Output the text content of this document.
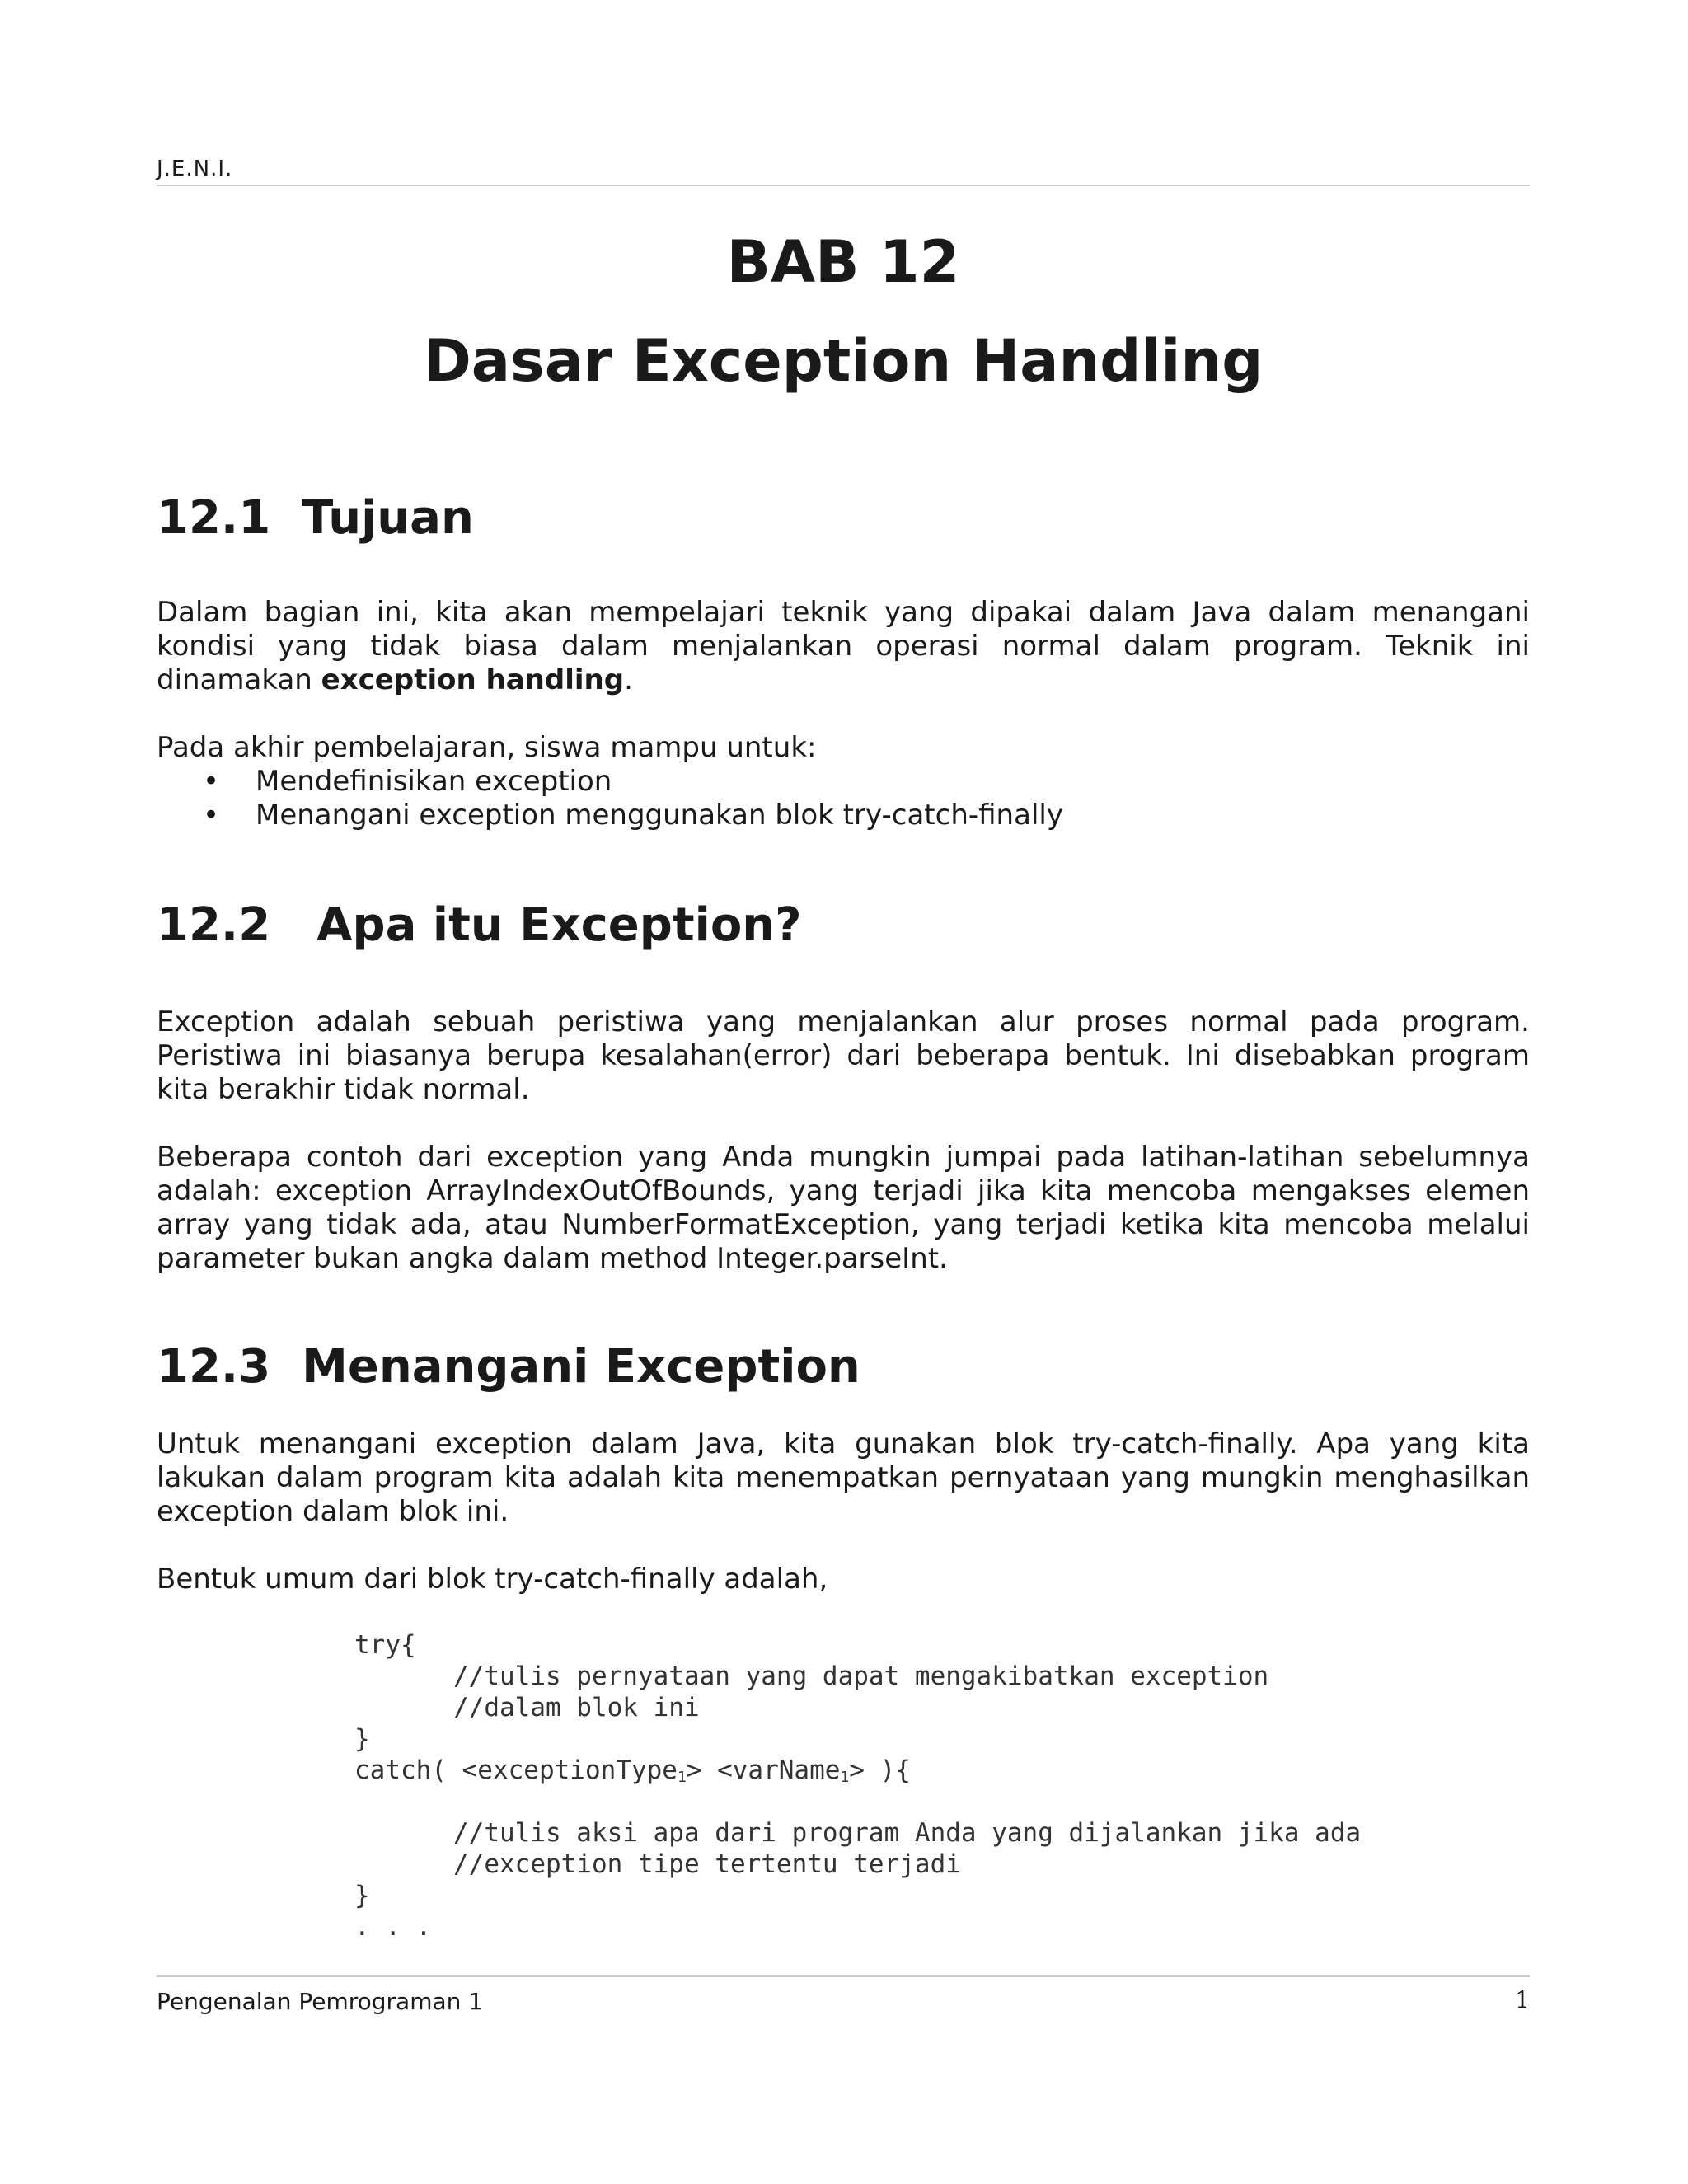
J.E.N.I.
BAB 12
Dasar Exception Handling
12.1 Tujuan
Dalam bagian ini, kita akan mempelajari teknik yang dipakai dalam Java dalam menangani kondisi yang tidak biasa dalam menjalankan operasi normal dalam program. Teknik ini dinamakan exception handling.
Pada akhir pembelajaran, siswa mampu untuk:
• Mendefinisikan exception
• Menangani exception menggunakan blok try-catch-finally
12.2 Apa itu Exception?
Exception adalah sebuah peristiwa yang menjalankan alur proses normal pada program. Peristiwa ini biasanya berupa kesalahan(error) dari beberapa bentuk. Ini disebabkan program kita berakhir tidak normal.
Beberapa contoh dari exception yang Anda mungkin jumpai pada latihan-latihan sebelumnya adalah: exception ArrayIndexOutOfBounds, yang terjadi jika kita mencoba mengakses elemen array yang tidak ada, atau NumberFormatException, yang terjadi ketika kita mencoba melalui parameter bukan angka dalam method Integer.parseInt.
12.3 Menangani Exception
Untuk menangani exception dalam Java, kita gunakan blok try-catch-finally. Apa yang kita lakukan dalam program kita adalah kita menempatkan pernyataan yang mungkin menghasilkan exception dalam blok ini.
Bentuk umum dari blok try-catch-finally adalah,
try{
//tulis pernyataan yang dapat mengakibatkan exception
//dalam blok ini
}
catch( <exceptionType$_1$> <varName$_1$> ){
//tulis aksi apa dari program Anda yang dijalankan jika ada
//exception tipe tertentu terjadi
}
. . .
Pengenalan Pemrograman 1	1
